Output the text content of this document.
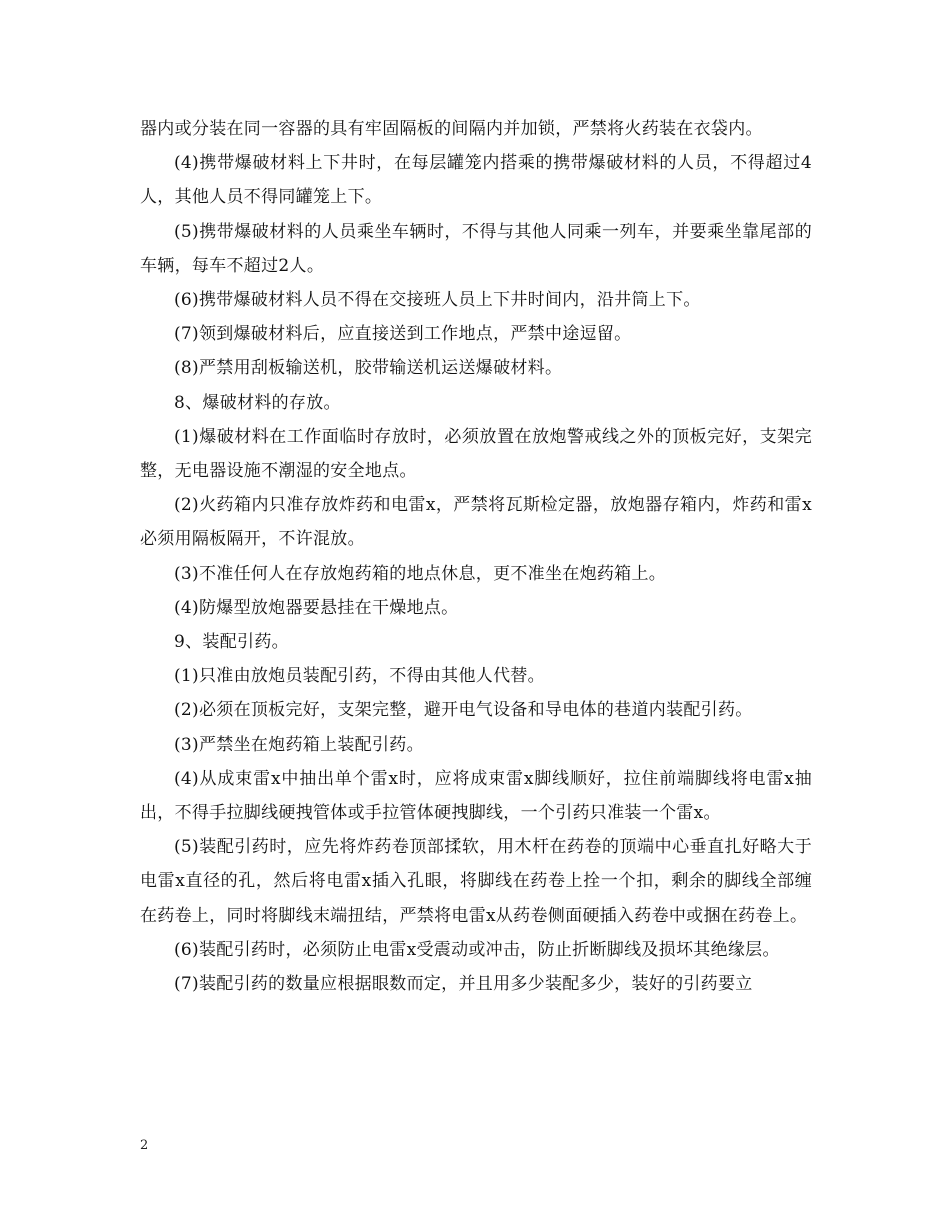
器内或分装在同一容器的具有牢固隔板的间隔内并加锁，严禁将火药装在衣袋内。

(4)携带爆破材料上下井时，在每层罐笼内搭乘的携带爆破材料的人员，不得超过4人，其他人员不得同罐笼上下。

(5)携带爆破材料的人员乘坐车辆时，不得与其他人同乘一列车，并要乘坐靠尾部的车辆，每车不超过2人。

(6)携带爆破材料人员不得在交接班人员上下井时间内，沿井筒上下。

(7)领到爆破材料后，应直接送到工作地点，严禁中途逗留。

(8)严禁用刮板输送机，胶带输送机运送爆破材料。

8、爆破材料的存放。

(1)爆破材料在工作面临时存放时，必须放置在放炮警戒线之外的顶板完好，支架完整，无电器设施不潮湿的安全地点。

(2)火药箱内只准存放炸药和电雷x，严禁将瓦斯检定器，放炮器存箱内，炸药和雷x必须用隔板隔开，不许混放。

(3)不准任何人在存放炮药箱的地点休息，更不准坐在炮药箱上。

(4)防爆型放炮器要悬挂在干燥地点。

9、装配引药。

(1)只准由放炮员装配引药，不得由其他人代替。

(2)必须在顶板完好，支架完整，避开电气设备和导电体的巷道内装配引药。

(3)严禁坐在炮药箱上装配引药。

(4)从成束雷x中抽出单个雷x时，应将成束雷x脚线顺好，拉住前端脚线将电雷x抽出，不得手拉脚线硬拽管体或手拉管体硬拽脚线，一个引药只准装一个雷x。

(5)装配引药时，应先将炸药卷顶部揉软，用木杆在药卷的顶端中心垂直扎好略大于电雷x直径的孔，然后将电雷x插入孔眼，将脚线在药卷上拴一个扣，剩余的脚线全部缠在药卷上，同时将脚线末端扭结，严禁将电雷x从药卷侧面硬插入药卷中或捆在药卷上。

(6)装配引药时，必须防止电雷x受震动或冲击，防止折断脚线及损坏其绝缘层。

(7)装配引药的数量应根据眼数而定，并且用多少装配多少，装好的引药要立

2
